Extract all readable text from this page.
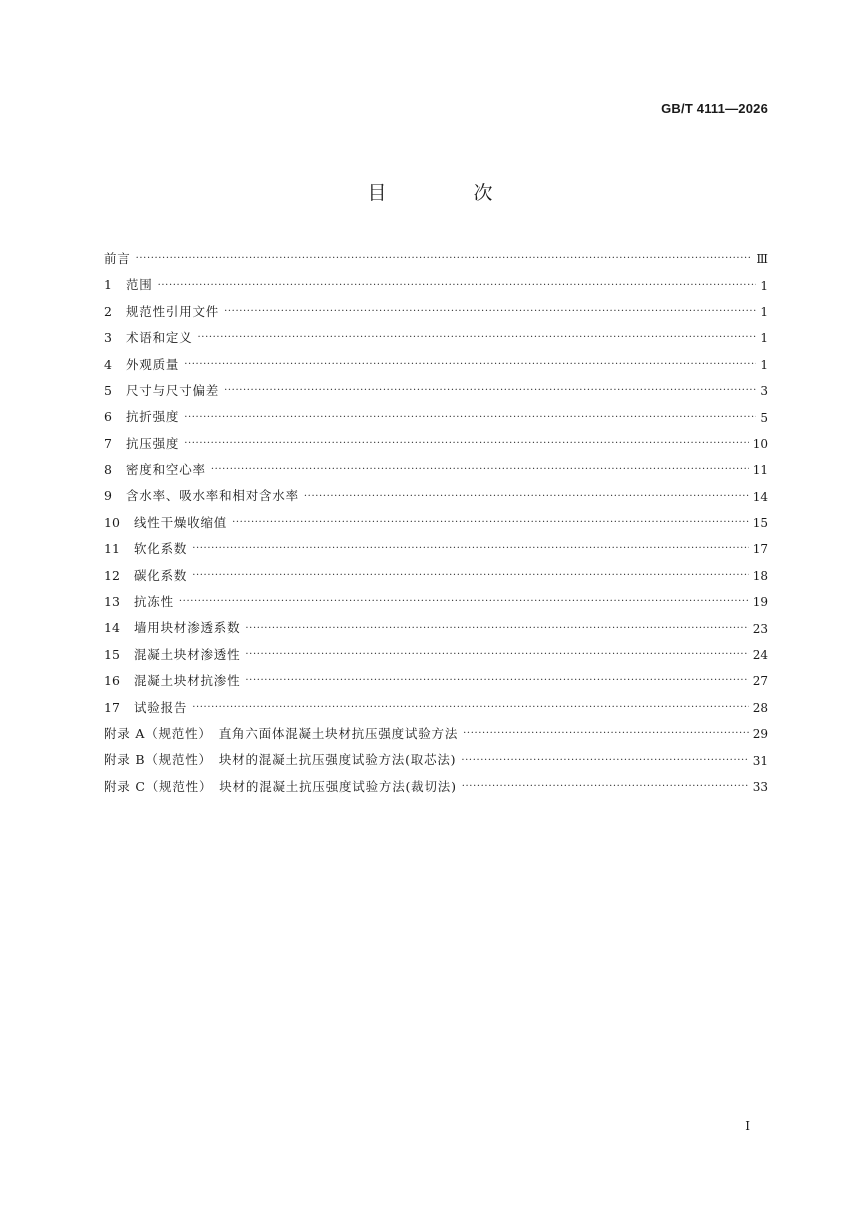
GB/T 4111—2026
目　次
前言 ·····	Ⅲ
1	范围 ·····	1
2	规范性引用文件 ·····	1
3	术语和定义 ·····	1
4	外观质量 ·····	1
5	尺寸与尺寸偏差 ·····	3
6	抗折强度 ·····	5
7	抗压强度 ·····	10
8	密度和空心率 ·····	11
9	含水率、吸水率和相对含水率 ·····	14
10	线性干燥收缩值 ·····	15
11	软化系数 ·····	17
12	碳化系数 ·····	18
13	抗冻性 ·····	19
14	墙用块材渗透系数 ·····	23
15	混凝土块材渗透性 ·····	24
16	混凝土块材抗渗性 ·····	27
17	试验报告 ·····	28
附录 A（规范性）　直角六面体混凝土块材抗压强度试验方法 ·····	29
附录 B（规范性）　块材的混凝土抗压强度试验方法(取芯法) ·····	31
附录 C（规范性）　块材的混凝土抗压强度试验方法(裁切法) ·····	33
I
